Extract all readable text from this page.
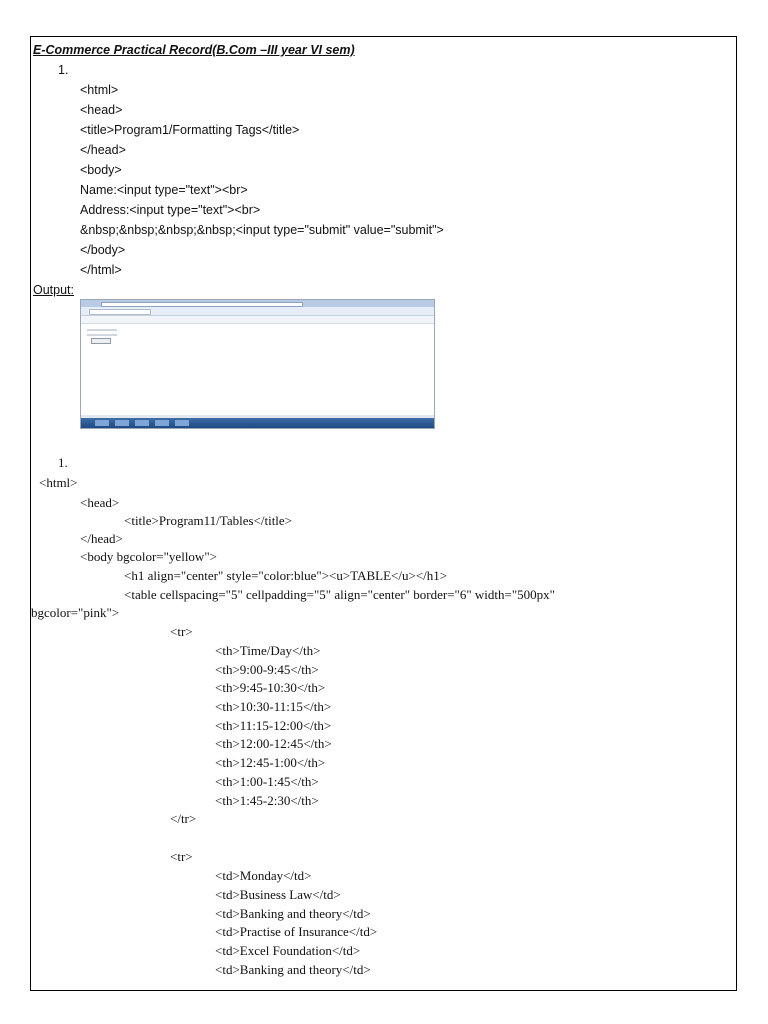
E-Commerce Practical Record(B.Com –III year VI sem)
1.
<html>
<head>
<title>Program1/Formatting Tags</title>
</head>
<body>
Name:<input type="text"><br>
Address:<input type="text"><br>
&nbsp;&nbsp;&nbsp;&nbsp;<input type="submit" value="submit">
</body>
</html>
Output:
1.
<html>
<head>
<title>Program11/Tables</title>
</head>
<body bgcolor="yellow">
<h1 align="center" style="color:blue"><u>TABLE</u></h1>
<table cellspacing="5" cellpadding="5" align="center" border="6" width="500px"
bgcolor="pink">
<tr>
<th>Time/Day</th>
<th>9:00-9:45</th>
<th>9:45-10:30</th>
<th>10:30-11:15</th>
<th>11:15-12:00</th>
<th>12:00-12:45</th>
<th>12:45-1:00</th>
<th>1:00-1:45</th>
<th>1:45-2:30</th>
</tr>
<tr>
<td>Monday</td>
<td>Business Law</td>
<td>Banking and theory</td>
<td>Practise of Insurance</td>
<td>Excel Foundation</td>
<td>Banking and theory</td>
